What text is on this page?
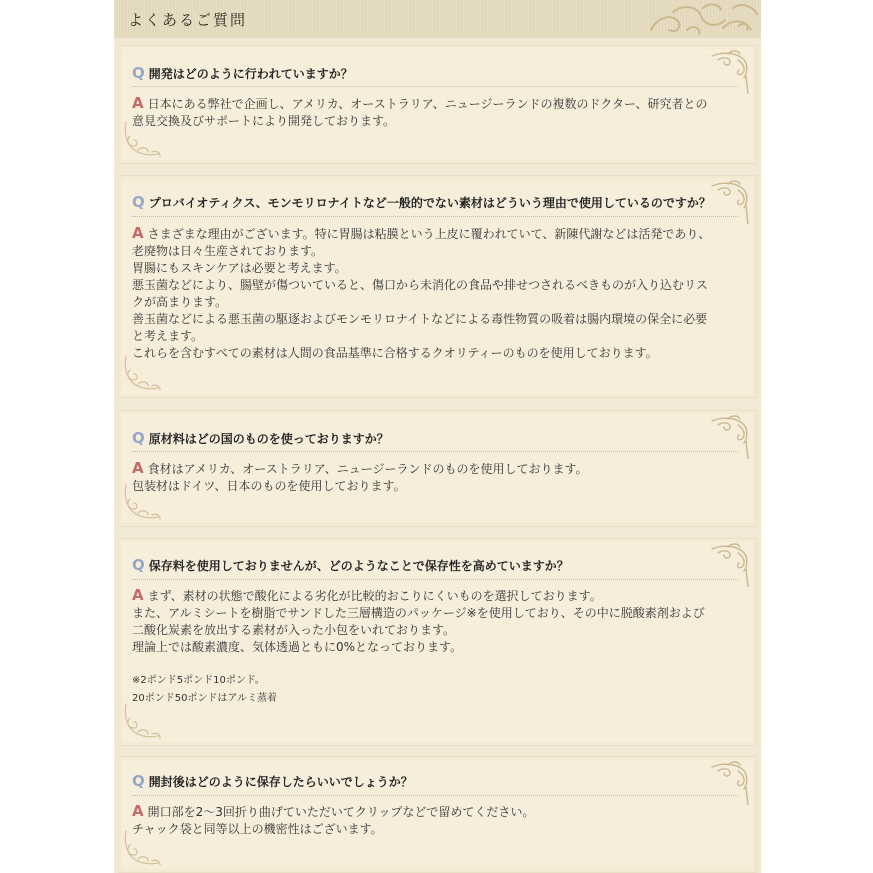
よくあるご質問
Q 開発はどのように行われていますか？
A 日本にある弊社で企画し、アメリカ、オーストラリア、ニュージーランドの複数のドクター、研究者との
意見交換及びサポートにより開発しております。
Q プロバイオティクス、モンモリロナイトなど一般的でない素材はどういう理由で使用しているのですか？
A さまざまな理由がございます。特に胃腸は粘膜という上皮に覆われていて、新陳代謝などは活発であり、
老廃物は日々生産されております。
胃腸にもスキンケアは必要と考えます。
悪玉菌などにより、腸壁が傷ついていると、傷口から未消化の食品や排せつされるべきものが入り込むリス
クが高まります。
善玉菌などによる悪玉菌の駆逐およびモンモリロナイトなどによる毒性物質の吸着は腸内環境の保全に必要
と考えます。
これらを含むすべての素材は人間の食品基準に合格するクオリティーのものを使用しております。
Q 原材料はどの国のものを使っておりますか？
A 食材はアメリカ、オーストラリア、ニュージーランドのものを使用しております。
包装材はドイツ、日本のものを使用しております。
Q 保存料を使用しておりませんが、どのようなことで保存性を高めていますか？
A まず、素材の状態で酸化による劣化が比較的おこりにくいものを選択しております。
また、アルミシートを樹脂でサンドした三層構造のパッケージ※を使用しており、その中に脱酸素剤および
二酸化炭素を放出する素材が入った小包をいれております。
理論上では酸素濃度、気体透過ともに0%となっております。
※2ポンド5ポンド10ポンド。
20ポンド50ポンドはアルミ蒸着
Q 開封後はどのように保存したらいいでしょうか？
A 開口部を2～3回折り曲げていただいてクリップなどで留めてください。
チャック袋と同等以上の機密性はございます。
